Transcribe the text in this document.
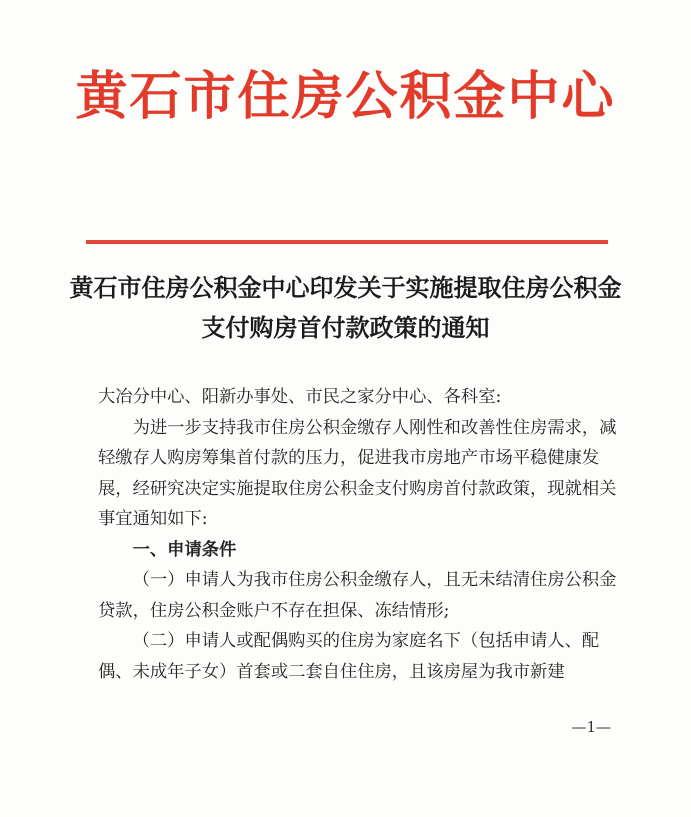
黄石市住房公积金中心
黄石市住房公积金中心印发关于实施提取住房公积金
支付购房首付款政策的通知

大冶分中心、阳新办事处、市民之家分中心、各科室:

为进一步支持我市住房公积金缴存人刚性和改善性住房需求，减轻缴存人购房筹集首付款的压力，促进我市房地产市场平稳健康发展，经研究决定实施提取住房公积金支付购房首付款政策，现就相关事宜通知如下:

一、申请条件

（一）申请人为我市住房公积金缴存人，且无未结清住房公积金贷款，住房公积金账户不存在担保、冻结情形;

（二）申请人或配偶购买的住房为家庭名下（包括申请人、配偶、未成年子女）首套或二套自住住房，且该房屋为我市新建

—1—
